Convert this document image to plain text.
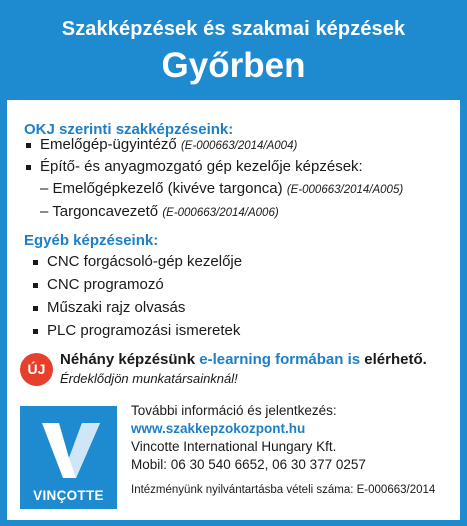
Szakképzések és szakmai képzések
Győrben
OKJ szerinti szakképzéseink:
Emelőgép-ügyintéző (E-000663/2014/A004)
Építő- és anyagmozgató gép kezelője képzések:
– Emelőgépkezelő (kivéve targonca) (E-000663/2014/A005)
– Targoncavezető (E-000663/2014/A006)
Egyéb képzéseink:
CNC forgácsoló-gép kezelője
CNC programozó
Műszaki rajz olvasás
PLC programozási ismeretek
ÚJ
Néhány képzésünk e-learning formában is elérhető.
Érdeklődjön munkatársainknál!
VINÇOTTE
További információ és jelentkezés:
www.szakkepzokozpont.hu
Vincotte International Hungary Kft.
Mobil: 06 30 540 6652, 06 30 377 0257
Intézményünk nyilvántartásba vételi száma: E-000663/2014
